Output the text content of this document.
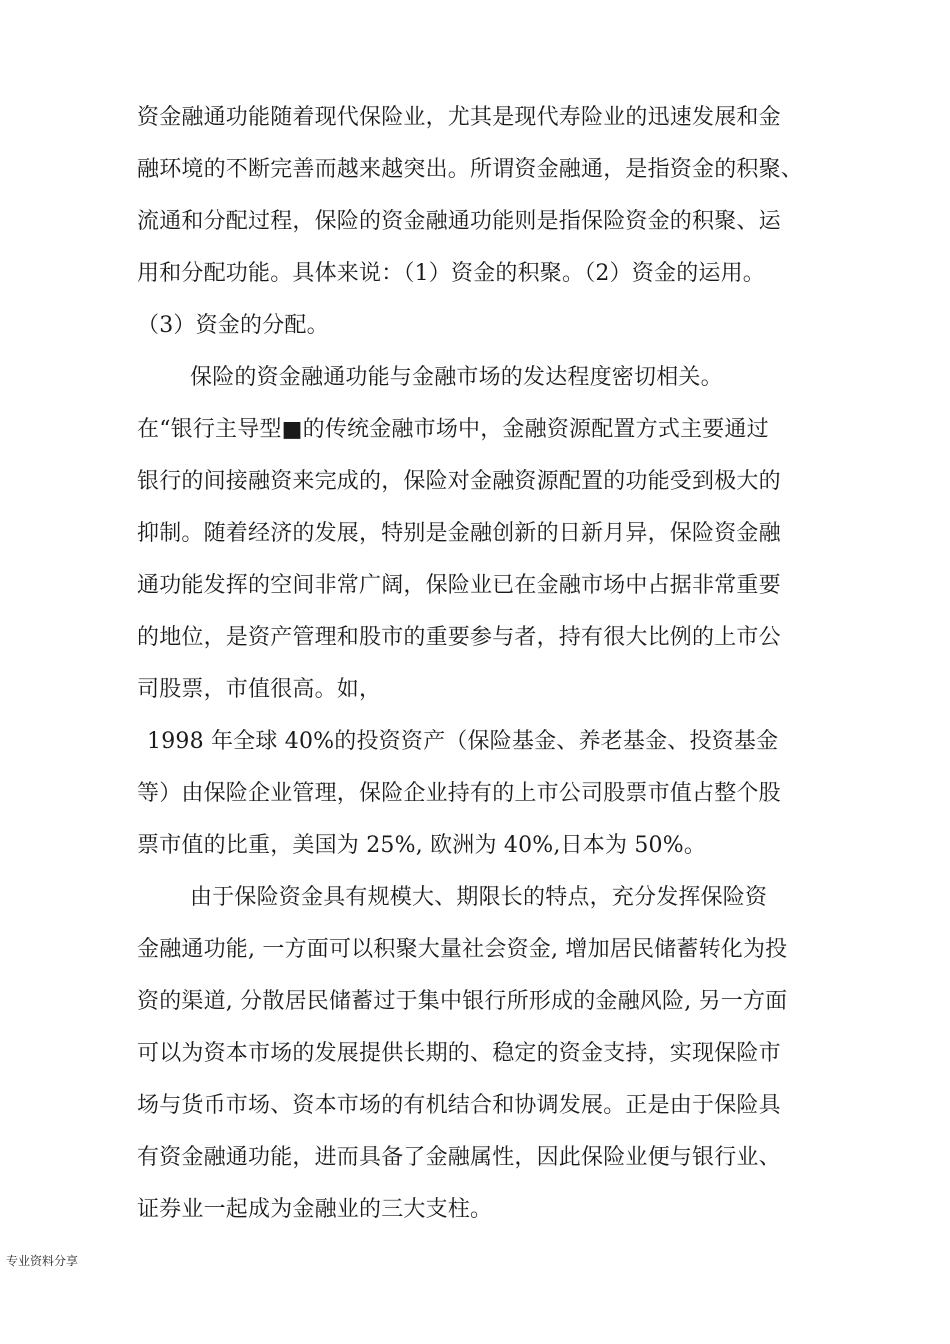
资金融通功能随着现代保险业，尤其是现代寿险业的迅速发展和金
融环境的不断完善而越来越突出。所谓资金融通，是指资金的积聚、
流通和分配过程，保险的资金融通功能则是指保险资金的积聚、运
用和分配功能。具体来说：（1）资金的积聚。（2）资金的运用。
（3）资金的分配。
保险的资金融通功能与金融市场的发达程度密切相关。
在“银行主导型■的传统金融市场中，金融资源配置方式主要通过
银行的间接融资来完成的，保险对金融资源配置的功能受到极大的
抑制。随着经济的发展，特别是金融创新的日新月异，保险资金融
通功能发挥的空间非常广阔，保险业已在金融市场中占据非常重要
的地位，是资产管理和股市的重要参与者，持有很大比例的上市公
司股票，市值很高。如，
1998 年全球 40%的投资资产（保险基金、养老基金、投资基金
等）由保险企业管理，保险企业持有的上市公司股票市值占整个股
票市值的比重，美国为 25%, 欧洲为 40%,日本为 50%。
由于保险资金具有规模大、期限长的特点，充分发挥保险资
金融通功能, 一方面可以积聚大量社会资金, 增加居民储蓄转化为投
资的渠道, 分散居民储蓄过于集中银行所形成的金融风险, 另一方面
可以为资本市场的发展提供长期的、稳定的资金支持，实现保险市
场与货币市场、资本市场的有机结合和协调发展。正是由于保险具
有资金融通功能，进而具备了金融属性，因此保险业便与银行业、
证券业一起成为金融业的三大支柱。
专业资料分享
